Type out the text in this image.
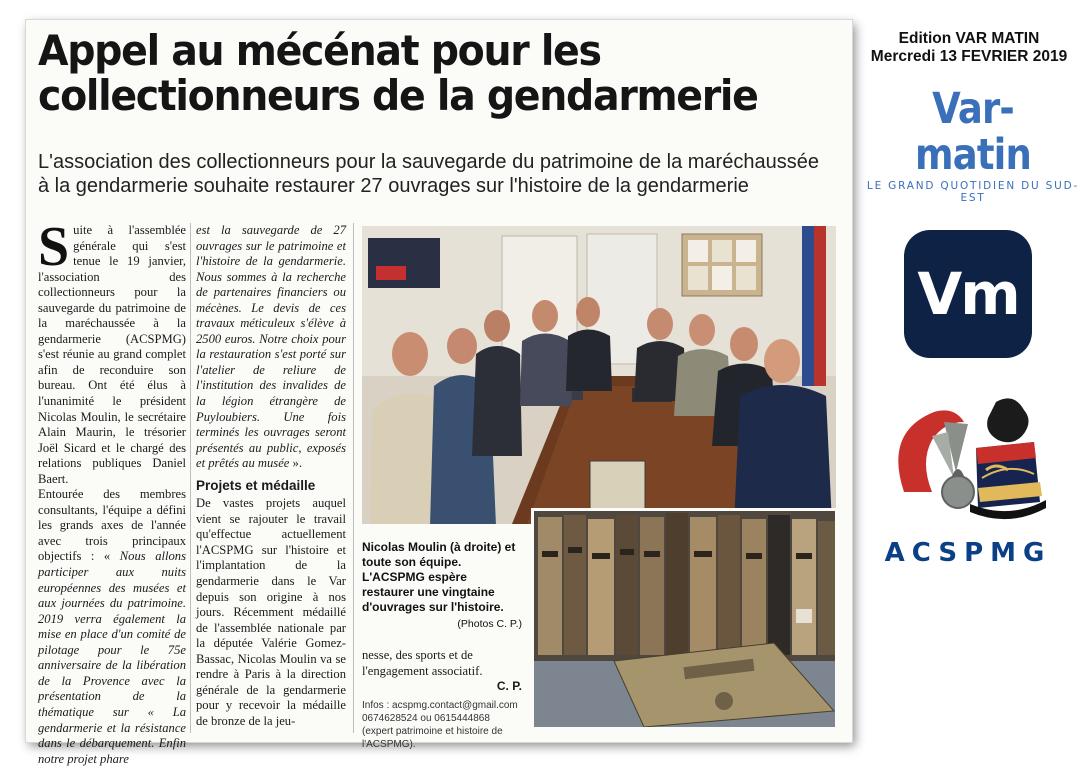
Appel au mécénat pour les
collectionneurs de la gendarmerie
L'association des collectionneurs pour la sauvegarde du patrimoine de la maréchaussée
à la gendarmerie souhaite restaurer 27 ouvrages sur l'histoire de la gendarmerie

Suite à l'assemblée générale qui s'est tenue le 19 janvier, l'association des collectionneurs pour la sauvegarde du patrimoine de la maréchaussée à la gendarmerie (ACSPMG) s'est réunie au grand complet afin de reconduire son bureau. Ont été élus à l'unanimité le président Nicolas Moulin, le secrétaire Alain Maurin, le trésorier Joël Sicard et le chargé des relations publiques Daniel Baert.

Entourée des membres consultants, l'équipe a défini les grands axes de l'année avec trois principaux objectifs : « Nous allons participer aux nuits européennes des musées et aux journées du patrimoine. 2019 verra également la mise en place d'un comité de pilotage pour le 75e anniversaire de la libération de la Provence avec la présentation de la thématique sur « La gendarmerie et la résistance dans le débarquement. Enfin notre projet phare

est la sauvegarde de 27 ouvrages sur le patrimoine et l'histoire de la gendarmerie. Nous sommes à la recherche de partenaires financiers ou mécènes. Le devis de ces travaux méticuleux s'élève à 2500 euros. Notre choix pour la restauration s'est porté sur l'atelier de reliure de l'institution des invalides de la légion étrangère de Puyloubiers. Une fois terminés les ouvrages seront présentés au public, exposés et prêtés au musée ».

Projets et médaille

De vastes projets auquel vient se rajouter le travail qu'effectue actuellement l'ACSPMG sur l'histoire et l'implantation de la gendarmerie dans le Var depuis son origine à nos jours. Récemment médaillé de l'assemblée nationale par la députée Valérie Gomez-Bassac, Nicolas Moulin va se rendre à Paris à la direction générale de la gendarmerie pour y recevoir la médaille de bronze de la jeu-

Nicolas Moulin (à droite) et toute son équipe. L'ACSPMG espère restaurer une vingtaine d'ouvrages sur l'histoire.
(Photos C. P.)

nesse, des sports et de l'engagement associatif.

C. P.
Infos : acspmg.contact@gmail.com 0674628524 ou 0615444868 (expert patrimoine et histoire de l'ACSPMG).
Edition VAR MATIN
Mercredi 13 FEVRIER 2019
Var-matin
LE GRAND QUOTIDIEN DU SUD-EST
Vm
ACSPMG
